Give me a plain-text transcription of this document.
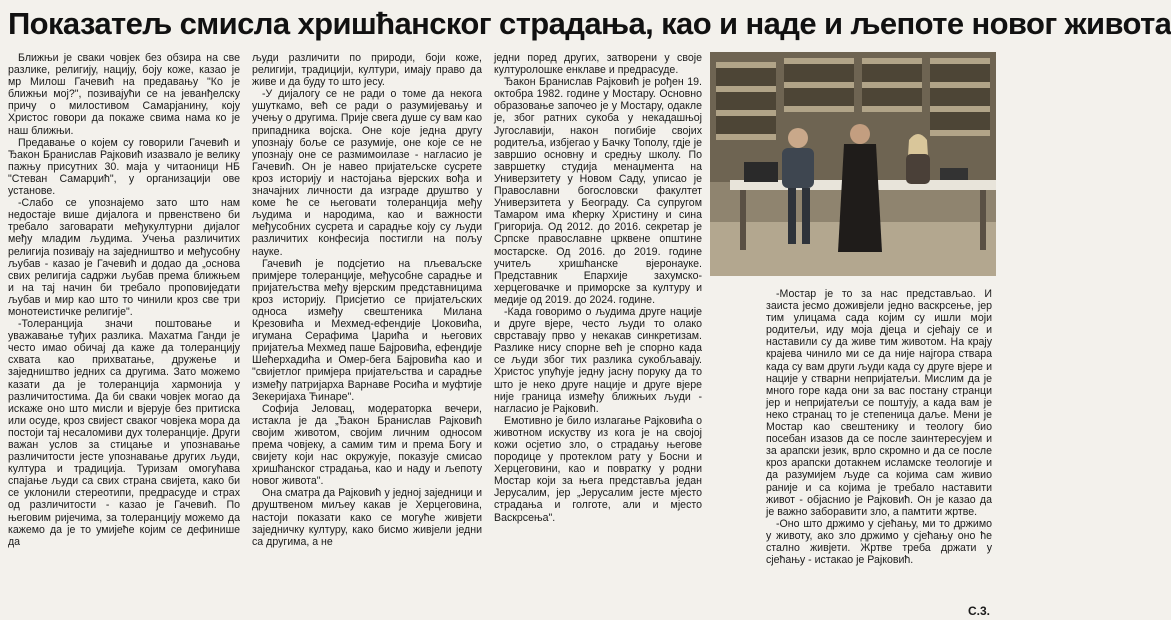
Показатељ смисла хришћанског страдања, као и наде и љепоте новог живота

Ближњи је сваки човјек без обзира на све разлике, религију, нацију, боју коже, казао је мр Милош Гачевић на предавању "Ко је ближњи мој?", позивајући се на јеванђелску причу о милостивом Самарјанину, коју Христос говори да покаже свима нама ко је наш ближњи.

Предавање о којем су говорили Гачевић и Ђакон Бранислав Рајковић изазвало је велику пажњу присутних 30. маја у читаоници НБ "Стеван Самарџић", у организацији ове установе.

-Слабо се упознајемо зато што нам недостаје више дијалога и првенствено би требало заговарати међукултурни дијалог међу младим људима. Учења различитих религија позивају на заједништво и међусобну љубав - казао је Гачевић и додао да „основа свих религија садржи љубав према ближњем и на тај начин би требало проповиједати љубав и мир као што то чинили кроз све три монотеистичке религије".

-Толеранција значи поштовање и уважавање туђих разлика. Махатма Ганди је често имао обичај да каже да толеранцију схвата као прихватање, дружење и заједништво једних са другима. Зато можемо казати да је толеранција хармонија у различитостима. Да би сваки човјек могао да искаже оно што мисли и вјерује без притиска или осуде, кроз свијест сваког човјека мора да постоји тај несаломиви дух толеранције. Други важан услов за стицање и упознавање различитости јесте упознавање других људи, култура и традиција. Туризам омогућава спајање људи са свих страна свијета, како би се уклонили стереотипи, предрасуде и страх од различитости - казао је Гачевић. По његовим ријечима, за толеранцију можемо да кажемо да је то умијеће којим се дефинише да

људи различити по природи, боји коже, религији, традицији, култури, имају право да живе и да буду то што јесу.

-У дијалогу се не ради о томе да некога ушуткамо, већ се ради о разумијевању и учењу о другима. Прије свега душе су вам као припадника војска. Оне које једна другу упознају боље се разумије, оне које се не упознају оне се размимоилазе - нагласио је Гачевић. Он је навео пријатељске сусрете кроз историју и настојања вјерских вођа и значајних личности да изграде друштво у коме ће се његовати толеранција међу људима и народима, као и важности међусобних сусрета и сарадње коју су људи различитих конфесија постигли на пољу науке.

Гачевић је подсјетио на пљеваљске примјере толеранције, међусобне сарадње и пријатељства међу вјерским представницима кроз историју. Присјетио се пријатељских односа између свештеника Милана Крезовића и Мехмед-ефендије Џоковића, игумана Серафима Џарића и његових пријатеља Мехмед паше Бајровића, ефендије Шећерхадића и Омер-бега Бајровића као и "свијетлог примјера пријатељства и сарадње између патријарха Варнаве Росића и муфтије Зекеријаха Ћинаре".

Софија Јеловац, модераторка вечери, истакла је да „Ђакон Бранислав Рајковић својим животом, својим личним односом према човјеку, а самим тим и према Богу и свијету који нас окружује, показује смисао хришћанског страдања, као и наду и љепоту новог живота".

Она сматра да Рајковић у једној заједници и друштвеном миљеу какав је Херцеговина, настоји показати како се могуће живјети заједничку културу, како бисмо живјели једни са другима, а не

једни поред других, затворени у своје културолошке енклаве и предрасуде.

Ђакон Бранислав Рајковић је рођен 19. октобра 1982. године у Мостару. Основно образовање започео је у Мостару, одакле је, због ратних сукоба у некадашњој Југославији, након погибије својих родитеља, избјегао у Бачку Тополу, гдје је завршио основну и средњу школу. По завршетку студија менаџмента на Универзитету у Новом Саду, уписао је Православни богословски факултет Универзитета у Београду. Са супругом Тамаром има кћерку Христину и сина Григорија. Од 2012. до 2016. секретар је Српске православне црквене општине мостарске. Од 2016. до 2019. године учитељ хришћанске вјеронауке. Представник Епархије захумско-херцеговачке и приморске за културу и медије од 2019. до 2024. године.

-Када говоримо о људима друге нације и друге вјере, често људи то олако сврставају прво у некакав синкретизам. Разлике нису спорне већ је спорно када се људи због тих разлика сукобљавају. Христос упућује једну јасну поруку да то што је неко друге нације и друге вјере није граница између ближњих људи - нагласио је Рајковић.

Емотивно је било излагање Рајковића о животном искуству из кога је на својој кожи осјетио зло, о страдању његове породице у протеклом рату у Босни и Херцеговини, као и повратку у родни Мостар који за њега представља један Јерусалим, јер „Јерусалим јесте мјесто страдања и голготе, али и мјесто Васкрсења".

-Мостар је то за нас представљао. И заиста јесмо доживјели једно васкрсење, јер тим улицама сада којим су ишли моји родитељи, иду моја дјеца и сјећају се и наставили су да живе тим животом. На крају крајева чинило ми се да није најгора ствара када су вам други људи када су друге вјере и нације у стварни непријатељи. Мислим да је много горе када они за вас постану странци јер и непријатељи се поштују, а када вам је неко странац то је степеница даље. Мени је Мостар као свештенику и теологу био посебан изазов да се после заинтересујем и за арапски језик, врло скромно и да се после кроз арапски дотакнем исламске теологије и да разумијем људе са којима сам живио раније и са којима је требало наставити живот - објаснио је Рајковић. Он је казао да је важно заборавити зло, а памтити жртве.

-Оно што држимо у сјећању, ми то држимо у животу, ако зло држимо у сјећању оно ће стално живјети. Жртве треба држати у сјећању - истакао је Рајковић.

С.3.
